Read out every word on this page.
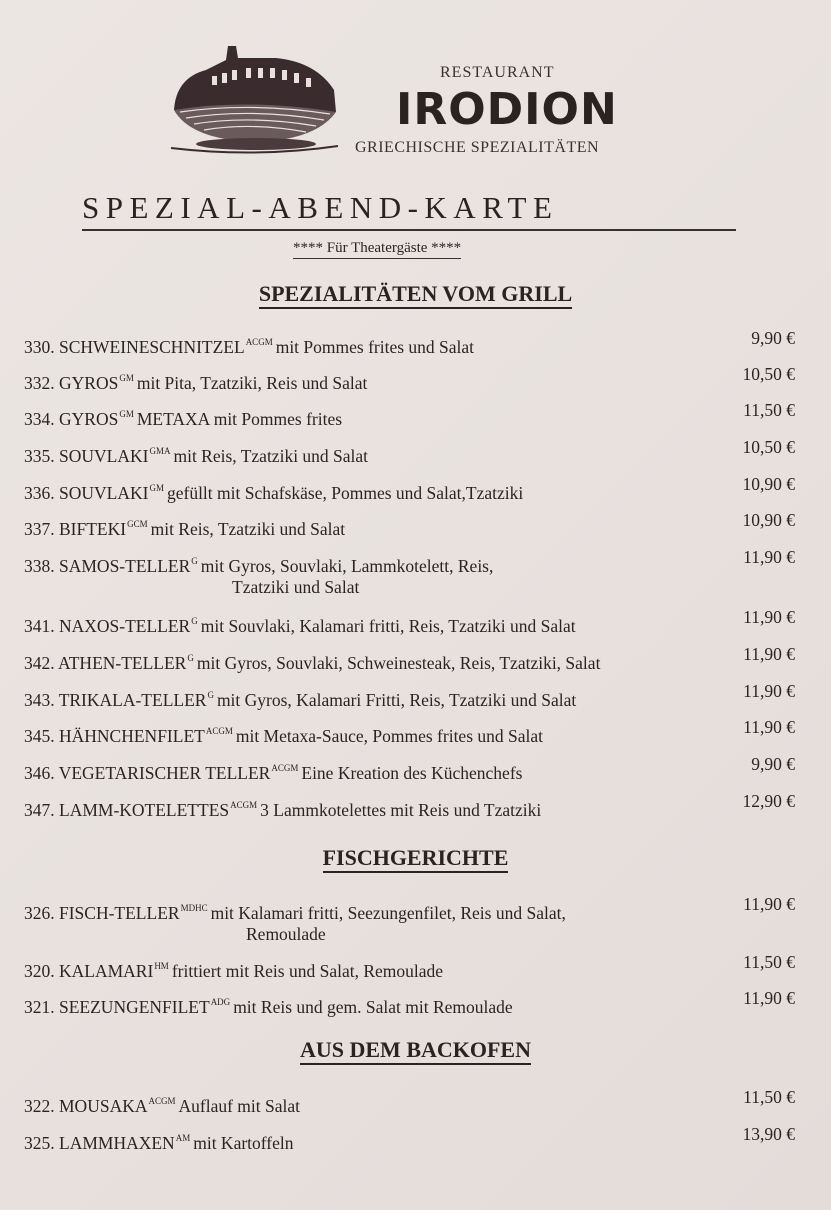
RESTAURANT
IRODION
GRIECHISCHE SPEZIALITÄTEN
SPEZIAL-ABEND-KARTE
**** Für Theatergäste ****
SPEZIALITÄTEN VOM GRILL
330. $SCHWEINESCHNITZEL^{ACGM}$ mit Pommes frites und Salat	9,90 €
332. $GYROS^{GM}$ mit Pita, Tzatziki, Reis und Salat	10,50 €
334. $GYROS^{GM}$ METAXA mit Pommes frites	11,50 €
335. $SOUVLAKI^{GMA}$ mit Reis, Tzatziki und Salat	10,50 €
336. $SOUVLAKI^{GM}$ gefüllt mit Schafskäse, Pommes und Salat,Tzatziki	10,90 €
337. $BIFTEKI^{GCM}$ mit Reis, Tzatziki und Salat	10,90 €
338. SAMOS-$TELLER^G$ mit Gyros, Souvlaki, Lammkotelett, Reis,
Tzatziki und Salat
11,90 €
341. NAXOS-$TELLER^G$ mit Souvlaki, Kalamari fritti, Reis, Tzatziki und Salat	11,90 €
342. ATHEN-$TELLER^G$ mit Gyros, Souvlaki, Schweinesteak, Reis, Tzatziki, Salat	11,90 €
343. TRIKALA-$TELLER^G$ mit Gyros, Kalamari Fritti, Reis, Tzatziki und Salat	11,90 €
345. $HÄHNCHENFILET^{ACGM}$ mit Metaxa-Sauce, Pommes frites und Salat	11,90 €
346. VEGETARISCHER $TELLER^{ACGM}$ Eine Kreation des Küchenchefs	9,90 €
347. LAMM-$KOTELETTES^{ACGM}$ 3 Lammkotelettes mit Reis und Tzatziki	12,90 €
FISCHGERICHTE
326. FISCH-$TELLER^{MDHC}$ mit Kalamari fritti, Seezungenfilet, Reis und Salat,
Remoulade
11,90 €
320. $KALAMARI^{HM}$ frittiert mit Reis und Salat, Remoulade	11,50 €
321. $SEEZUNGENFILET^{ADG}$ mit Reis und gem. Salat mit Remoulade	11,90 €
AUS DEM BACKOFEN
322. $MOUSAKA^{ACGM}$ Auflauf mit Salat	11,50 €
325. $LAMMHAXEN^{AM}$ mit Kartoffeln	13,90 €
